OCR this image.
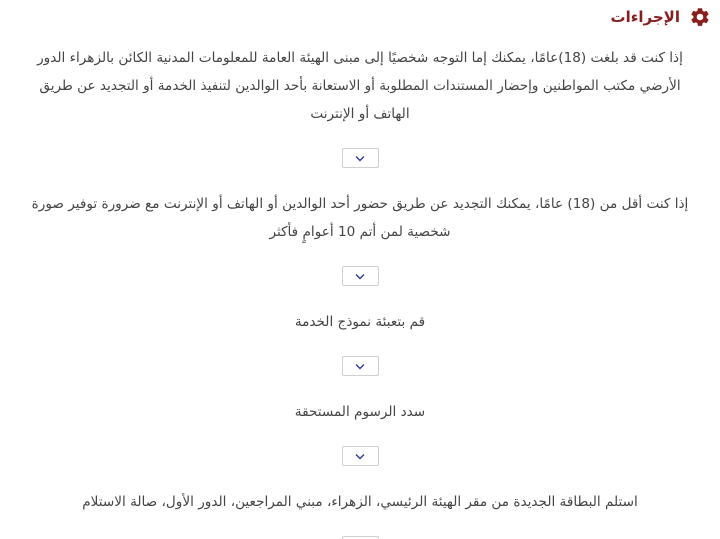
الإجراءات

إذا كنت قد بلغت (18)عامًا، يمكنك إما التوجه شخصيًا إلى مبنى الهيئة العامة للمعلومات المدنية الكائن بالزهراء الدور الأرضي مكتب المواطنين وإحضار المستندات المطلوبة أو الاستعانة بأحد الوالدين لتنفيذ الخدمة أو التجديد عن طريق الهاتف أو الإنترنت

إذا كنت أقل من (18) عامًا، يمكنك التجديد عن طريق حضور أحد الوالدين أو الهاتف أو الإنترنت مع ضرورة توفير صورة شخصية لمن أتم 10 أعوامٍ فأكثر

قم بتعبئة نموذج الخدمة

سدد الرسوم المستحقة

استلم البطاقة الجديدة من مقر الهيئة الرئيسي، الزهراء، مبني المراجعين، الدور الأول، صالة الاستلام
